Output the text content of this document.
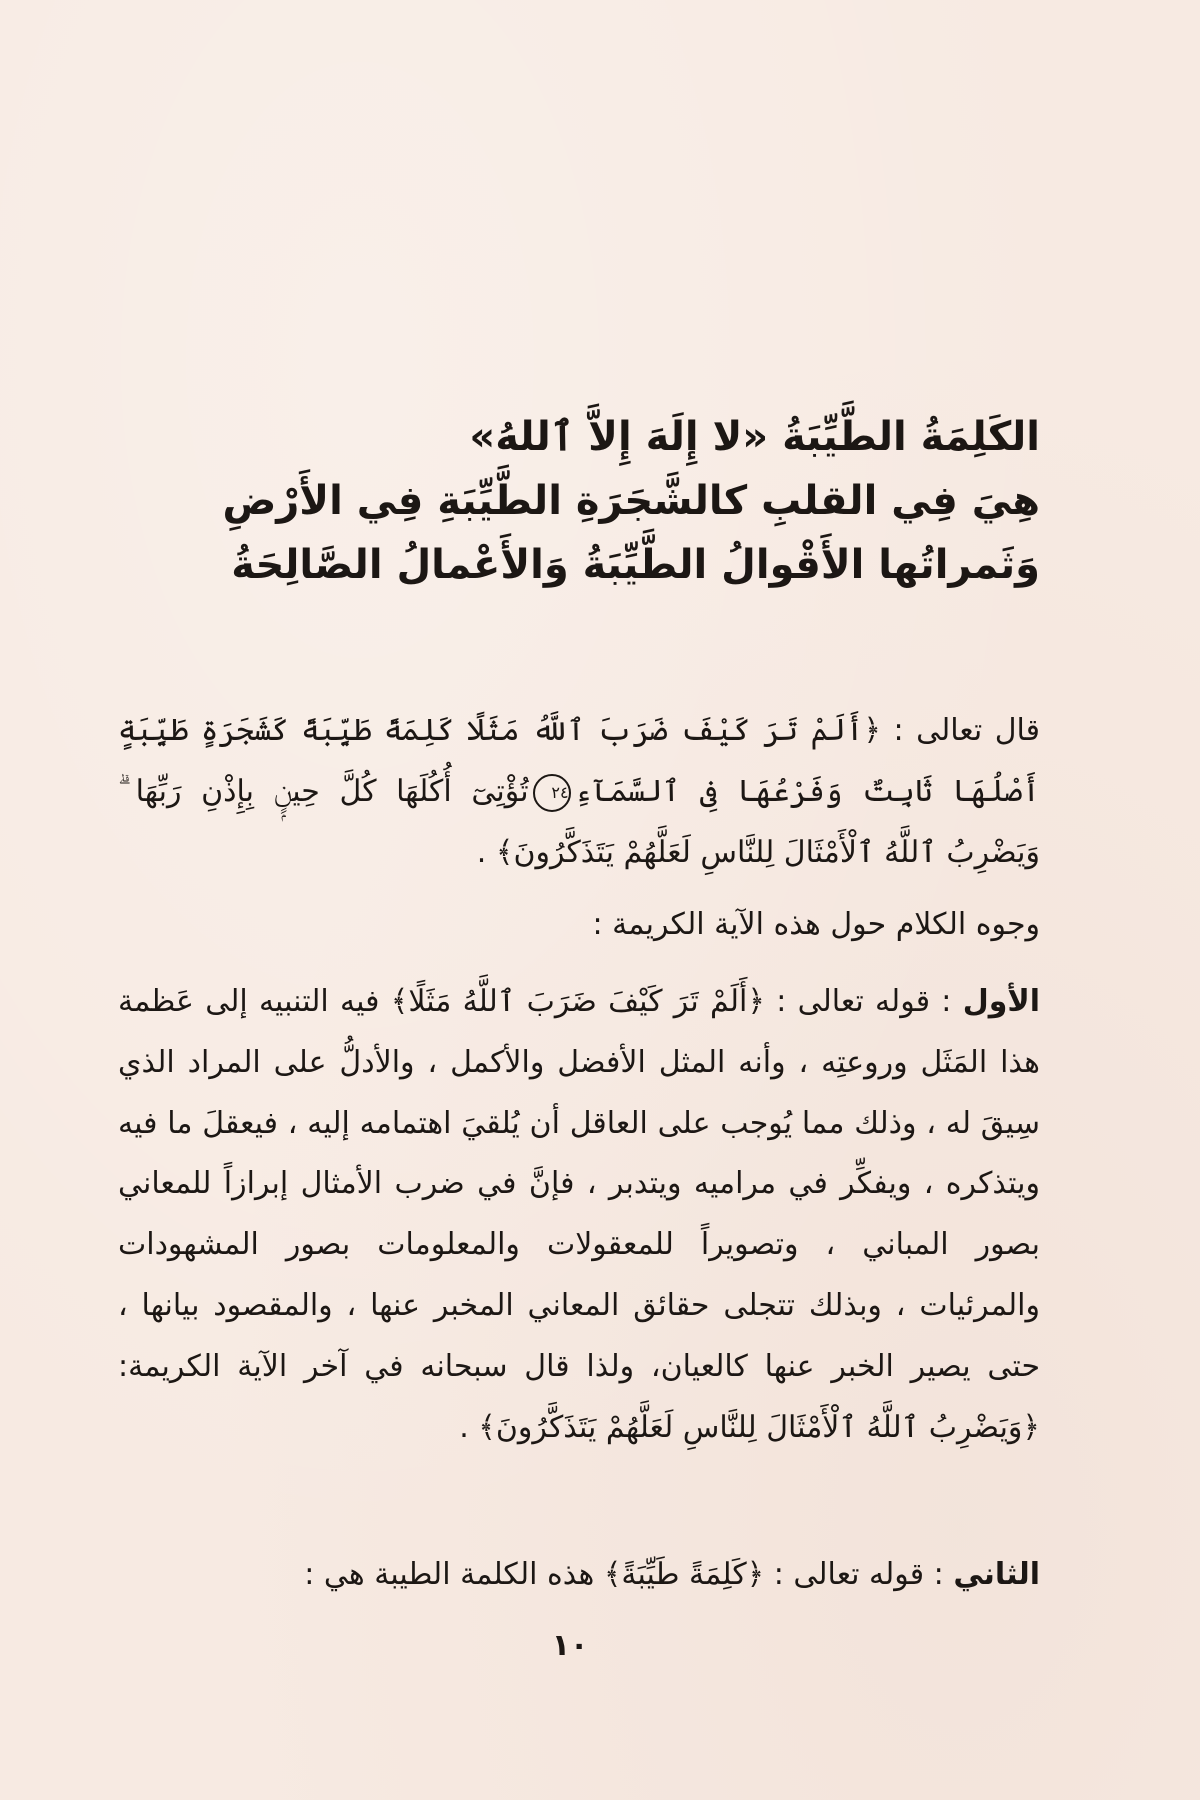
الكَلِمَةُ الطَّيِّبَةُ «لا إِلَهَ إِلاَّ ٱللهُ»
هِيَ فِي القلبِ كالشَّجَرَةِ الطَّيِّبَةِ فِي الأَرْضِ
وَثَمراتُها الأَقْوالُ الطَّيِّبَةُ وَالأَعْمالُ الصَّالِحَةُ
قال تعالى : ﴿أَلَمْ تَرَ كَيْفَ ضَرَبَ ٱللَّهُ مَثَلًا كَلِمَةً طَيِّبَةً كَشَجَرَةٍ طَيِّبَةٍ أَصْلُهَا ثَابِتٌ وَفَرْعُهَا فِى ٱلسَّمَآءِ٢٤تُؤْتِىٓ أُكُلَهَا كُلَّ حِينٍۭ بِإِذْنِ رَبِّهَا ۗ وَيَضْرِبُ ٱللَّهُ ٱلْأَمْثَالَ لِلنَّاسِ لَعَلَّهُمْ يَتَذَكَّرُونَ﴾ .
وجوه الكلام حول هذه الآية الكريمة :
الأول : قوله تعالى : ﴿أَلَمْ تَرَ كَيْفَ ضَرَبَ ٱللَّهُ مَثَلًا﴾ فيه التنبيه إلى عَظمة هذا المَثَل وروعتِه ، وأنه المثل الأفضل والأكمل ، والأدلُّ على المراد الذي سِيقَ له ، وذلك مما يُوجب على العاقل أن يُلقيَ اهتمامه إليه ، فيعقلَ ما فيه ويتذكره ، ويفكِّر في مراميه ويتدبر ، فإنَّ في ضرب الأمثال إبرازاً للمعاني بصور المباني ، وتصويراً للمعقولات والمعلومات بصور المشهودات والمرئيات ، وبذلك تتجلى حقائق المعاني المخبر عنها ، والمقصود بيانها ، حتى يصير الخبر عنها كالعيان، ولذا قال سبحانه في آخر الآية الكريمة: ﴿وَيَضْرِبُ ٱللَّهُ ٱلْأَمْثَالَ لِلنَّاسِ لَعَلَّهُمْ يَتَذَكَّرُونَ﴾ .
الثاني : قوله تعالى : ﴿كَلِمَةً طَيِّبَةً﴾ هذه الكلمة الطيبة هي :
١٠
